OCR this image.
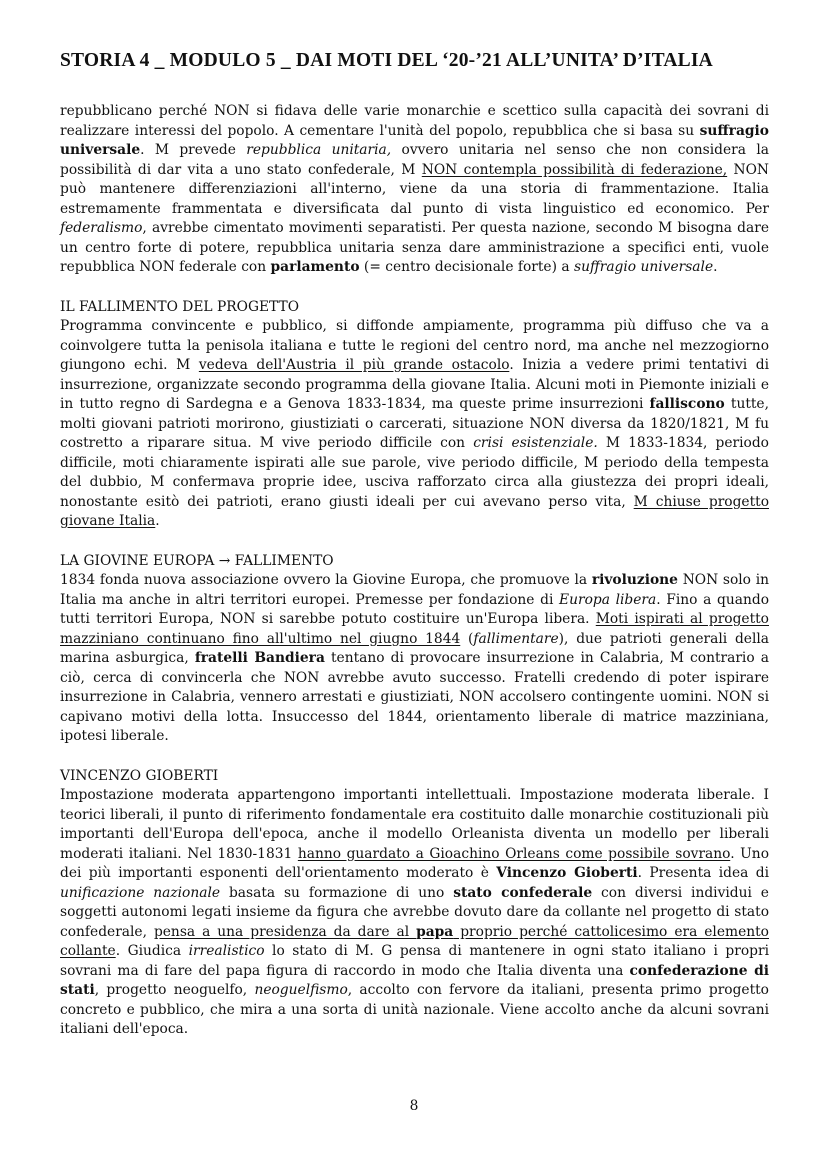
STORIA 4 _ MODULO 5 _ DAI MOTI DEL ‘20-’21 ALL’UNITA’ D’ITALIA

repubblicano perché NON si fidava delle varie monarchie e scettico sulla capacità dei sovrani di realizzare interessi del popolo. A cementare l'unità del popolo, repubblica che si basa su suffragio universale. M prevede repubblica unitaria, ovvero unitaria nel senso che non considera la possibilità di dar vita a uno stato confederale, M NON contempla possibilità di federazione, NON può mantenere differenziazioni all'interno, viene da una storia di frammentazione. Italia estremamente frammentata e diversificata dal punto di vista linguistico ed economico. Per federalismo, avrebbe cimentato movimenti separatisti. Per questa nazione, secondo M bisogna dare un centro forte di potere, repubblica unitaria senza dare amministrazione a specifici enti, vuole repubblica NON federale con parlamento (= centro decisionale forte) a suffragio universale.

IL FALLIMENTO DEL PROGETTO

Programma convincente e pubblico, si diffonde ampiamente, programma più diffuso che va a coinvolgere tutta la penisola italiana e tutte le regioni del centro nord, ma anche nel mezzogiorno giungono echi. M vedeva dell'Austria il più grande ostacolo. Inizia a vedere primi tentativi di insurrezione, organizzate secondo programma della giovane Italia. Alcuni moti in Piemonte iniziali e in tutto regno di Sardegna e a Genova 1833-1834, ma queste prime insurrezioni falliscono tutte, molti giovani patrioti morirono, giustiziati o carcerati, situazione NON diversa da 1820/1821, M fu costretto a riparare situa. M vive periodo difficile con crisi esistenziale. M 1833-1834, periodo difficile, moti chiaramente ispirati alle sue parole, vive periodo difficile, M periodo della tempesta del dubbio, M confermava proprie idee, usciva rafforzato circa alla giustezza dei propri ideali, nonostante esitò dei patrioti, erano giusti ideali per cui avevano perso vita, M chiuse progetto giovane Italia.

LA GIOVINE EUROPA → FALLIMENTO

1834 fonda nuova associazione ovvero la Giovine Europa, che promuove la rivoluzione NON solo in Italia ma anche in altri territori europei. Premesse per fondazione di Europa libera. Fino a quando tutti territori Europa, NON si sarebbe potuto costituire un'Europa libera. Moti ispirati al progetto mazziniano continuano fino all'ultimo nel giugno 1844 (fallimentare), due patrioti generali della marina asburgica, fratelli Bandiera tentano di provocare insurrezione in Calabria, M contrario a ciò, cerca di convincerla che NON avrebbe avuto successo. Fratelli credendo di poter ispirare insurrezione in Calabria, vennero arrestati e giustiziati, NON accolsero contingente uomini. NON si capivano motivi della lotta. Insuccesso del 1844, orientamento liberale di matrice mazziniana, ipotesi liberale.

VINCENZO GIOBERTI

Impostazione moderata appartengono importanti intellettuali. Impostazione moderata liberale. I teorici liberali, il punto di riferimento fondamentale era costituito dalle monarchie costituzionali più importanti dell'Europa dell'epoca, anche il modello Orleanista diventa un modello per liberali moderati italiani. Nel 1830-1831 hanno guardato a Gioachino Orleans come possibile sovrano. Uno dei più importanti esponenti dell'orientamento moderato è Vincenzo Gioberti. Presenta idea di unificazione nazionale basata su formazione di uno stato confederale con diversi individui e soggetti autonomi legati insieme da figura che avrebbe dovuto dare da collante nel progetto di stato confederale, pensa a una presidenza da dare al papa proprio perché cattolicesimo era elemento collante. Giudica irrealistico lo stato di M. G pensa di mantenere in ogni stato italiano i propri sovrani ma di fare del papa figura di raccordo in modo che Italia diventa una confederazione di stati, progetto neoguelfo, neoguelfismo, accolto con fervore da italiani, presenta primo progetto concreto e pubblico, che mira a una sorta di unità nazionale. Viene accolto anche da alcuni sovrani italiani dell'epoca.

8
